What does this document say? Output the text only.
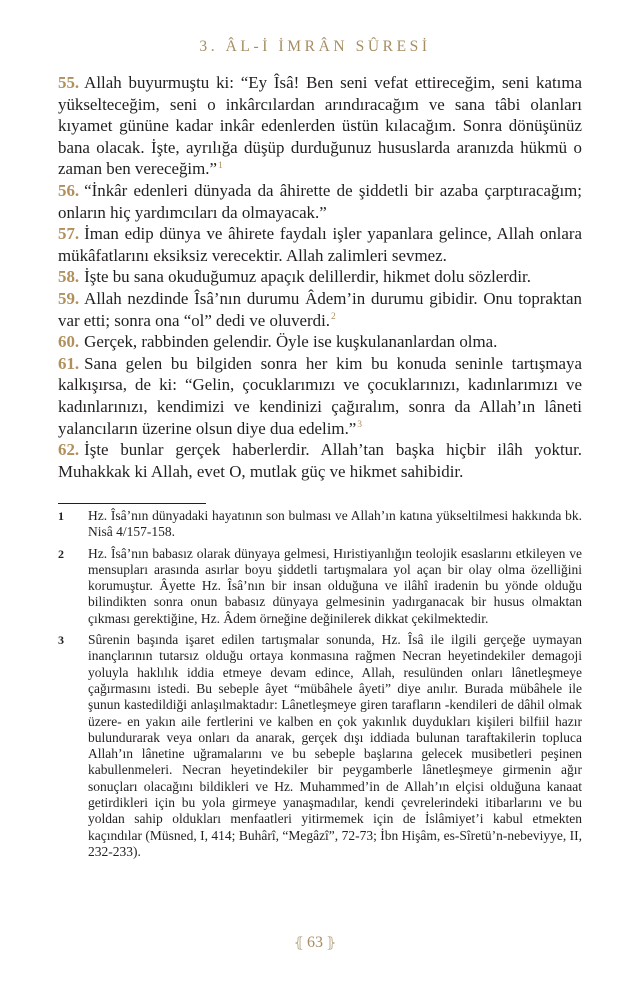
3. ÂL-İ İMRÂN SÛRESİ

55. Allah buyurmuştu ki: “Ey Îsâ! Ben seni vefat ettireceğim, seni katıma yükselteceğim, seni o inkârcılardan arındıracağım ve sana tâbi olanları kıyamet gününe kadar inkâr edenlerden üstün kılacağım. Sonra dönüşünüz bana olacak. İşte, ayrılığa düşüp durduğunuz hususlarda aranızda hükmü o zaman ben vereceğim.”$^1$

56. “İnkâr edenleri dünyada da âhirette de şiddetli bir azaba çarptıracağım; onların hiç yardımcıları da olmayacak.”

57. İman edip dünya ve âhirete faydalı işler yapanlara gelince, Allah onlara mükâfatlarını eksiksiz verecektir. Allah zalimleri sevmez.

58. İşte bu sana okuduğumuz apaçık delillerdir, hikmet dolu sözlerdir.

59. Allah nezdinde Îsâ’nın durumu Âdem’in durumu gibidir. Onu topraktan var etti; sonra ona “ol” dedi ve oluverdi.$^2$

60. Gerçek, rabbinden gelendir. Öyle ise kuşkulananlardan olma.

61. Sana gelen bu bilgiden sonra her kim bu konuda seninle tartışmaya kalkışırsa, de ki: “Gelin, çocuklarımızı ve çocuklarınızı, kadınlarımızı ve kadınlarınızı, kendimizi ve kendinizi çağıralım, sonra da Allah’ın lâneti yalancıların üzerine olsun diye dua edelim.”$^3$

62. İşte bunlar gerçek haberlerdir. Allah’tan başka hiçbir ilâh yoktur. Muhakkak ki Allah, evet O, mutlak güç ve hikmet sahibidir.

1 Hz. Îsâ’nın dünyadaki hayatının son bulması ve Allah’ın katına yükseltilmesi hakkında bk. Nisâ 4/157-158.
2 Hz. Îsâ’nın babasız olarak dünyaya gelmesi, Hıristiyanlığın teolojik esaslarını etkileyen ve mensupları arasında asırlar boyu şiddetli tartışmalara yol açan bir olay olma özelliğini korumuştur. Âyette Hz. Îsâ’nın bir insan olduğuna ve ilâhî iradenin bu yönde olduğu bilindikten sonra onun babasız dünyaya gelmesinin yadırganacak bir husus olmaktan çıkması gerektiğine, Hz. Âdem örneğine değinilerek dikkat çekilmektedir.
3 Sûrenin başında işaret edilen tartışmalar sonunda, Hz. Îsâ ile ilgili gerçeğe uymayan inançlarının tutarsız olduğu ortaya konmasına rağmen Necran heyetindekiler demagoji yoluyla haklılık iddia etmeye devam edince, Allah, resulünden onları lânetleşmeye çağırmasını istedi. Bu sebeple âyet “mübâhele âyeti” diye anılır. Burada mübâhele ile şunun kastedildiği anlaşılmaktadır: Lânetleşmeye giren tarafların -kendileri de dâhil olmak üzere- en yakın aile fertlerini ve kalben en çok yakınlık duydukları kişileri bilfiil hazır bulundurarak veya onları da anarak, gerçek dışı iddiada bulunan taraftakilerin topluca Allah’ın lânetine uğramalarını ve bu sebeple başlarına gelecek musibetleri peşinen kabullenmeleri. Necran heyetindekiler bir peygamberle lânetleşmeye girmenin ağır sonuçları olacağını bildikleri ve Hz. Muhammed’in de Allah’ın elçisi olduğuna kanaat getirdikleri için bu yola girmeye yanaşmadılar, kendi çevrelerindeki itibarlarını ve bu yoldan sahip oldukları menfaatleri yitirmemek için de İslâmiyet’i kabul etmekten kaçındılar (Müsned, I, 414; Buhârî, “Megâzî”, 72-73; İbn Hişâm, es-Sîretü’n-nebeviyye, II, 232-233).
⦃ 63 ⦄
